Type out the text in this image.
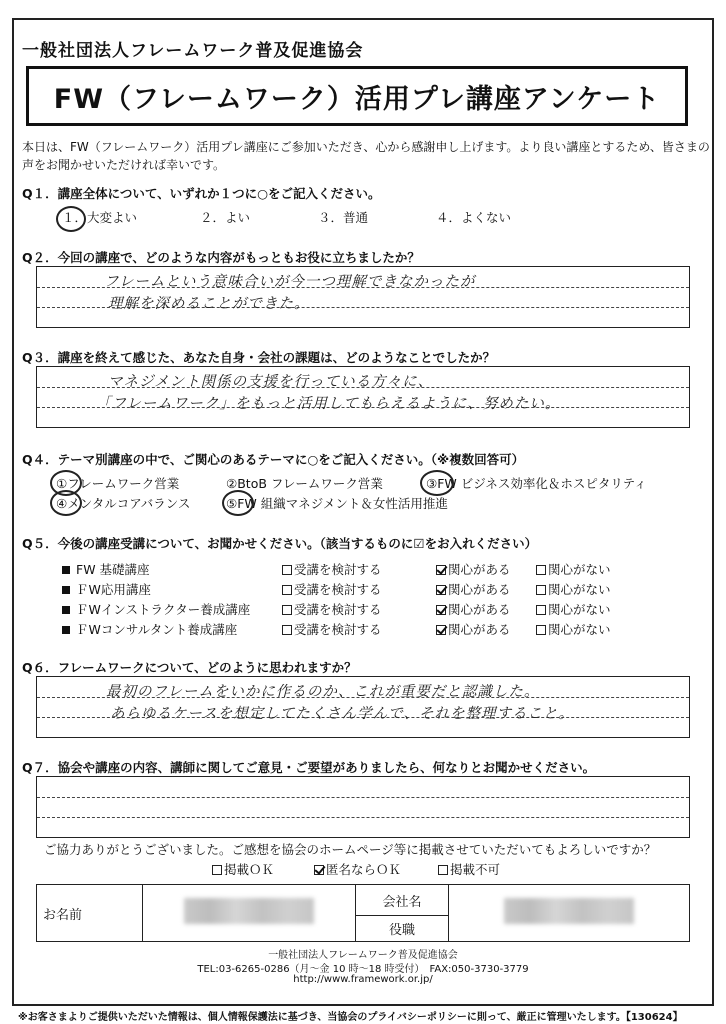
一般社団法人フレームワーク普及促進協会
FW（フレームワーク）活用プレ講座アンケート
本日は、FW（フレームワーク）活用プレ講座にご参加いただき、心から感謝申し上げます。より良い講座とするため、皆さまの声をお聞かせいただければ幸いです。
Q１．講座全体について、いずれか１つに○をご記入ください。
１．大変よい	２．よい	３．普通	４．よくない
Q２．今回の講座で、どのような内容がもっともお役に立ちましたか？
フレームという意味合いが今一つ理解できなかったが
理解を深めることができた。
Q３．講座を終えて感じた、あなた自身・会社の課題は、どのようなことでしたか？
マネジメント関係の支援を行っている方々に、
「フレームワーク」をもっと活用してもらえるように、努めたい。
Q４．テーマ別講座の中で、ご関心のあるテーマに○をご記入ください。（※複数回答可）
①フレームワーク営業	②BtoB フレームワーク営業	③FW ビジネス効率化＆ホスピタリティ
④メンタルコアバランス	⑤FW 組織マネジメント＆女性活用推進
Q５．今後の講座受講について、お聞かせください。（該当するものに☑をお入れください）
FW 基礎講座	受講を検討する	関心がある	関心がない
ＦW応用講座	受講を検討する	関心がある	関心がない
ＦWインストラクター養成講座	受講を検討する	関心がある	関心がない
ＦWコンサルタント養成講座	受講を検討する	関心がある	関心がない
Q６．フレームワークについて、どのように思われますか？
最初のフレームをいかに作るのか、これが重要だと認識した。
あらゆるケースを想定してたくさん学んで、それを整理すること。
Q７．協会や講座の内容、講師に関してご意見・ご要望がありましたら、何なりとお聞かせください。
ご協力ありがとうございました。ご感想を協会のホームページ等に掲載させていただいてもよろしいですか？
掲載ＯＫ	匿名ならＯＫ	掲載不可
お名前		会社名	
役職
一般社団法人フレームワーク普及促進協会
TEL:03-6265-0286（月～金 10 時～18 時受付）　FAX:050-3730-3779
http://www.framework.or.jp/
※お客さまよりご提供いただいた情報は、個人情報保護法に基づき、当協会のプライバシーポリシーに則って、厳正に管理いたします。【130624】
